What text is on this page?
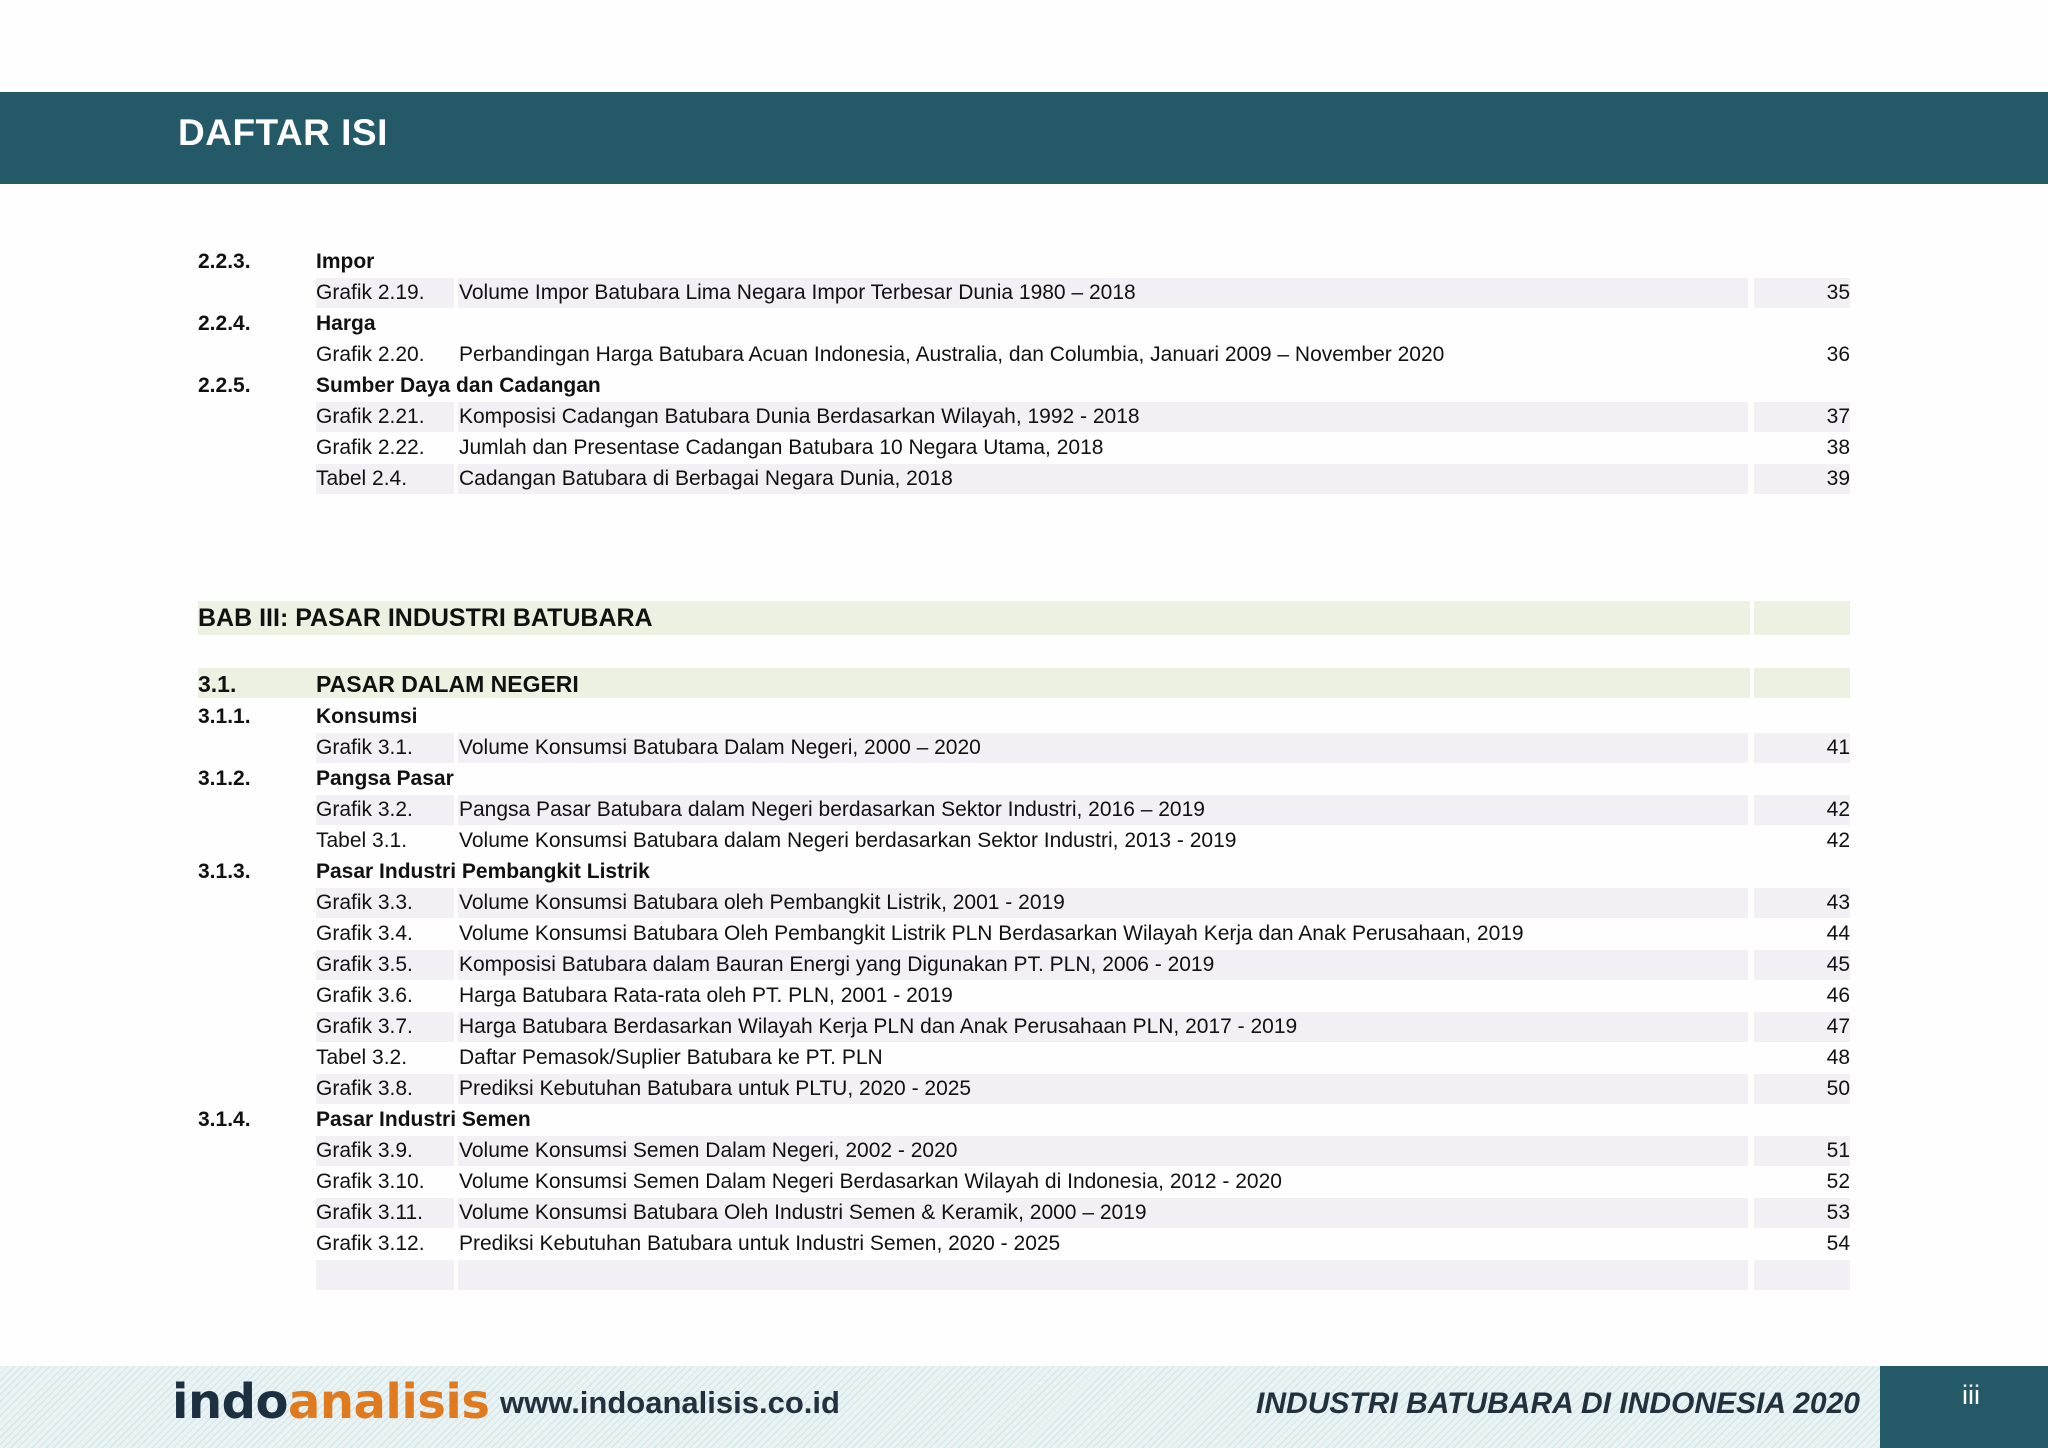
DAFTAR ISI
2.2.3.	Impor
Grafik 2.19. Volume Impor Batubara Lima Negara Impor Terbesar Dunia 1980 – 2018	35
2.2.4.	Harga
Grafik 2.20. Perbandingan Harga Batubara Acuan Indonesia, Australia, dan Columbia, Januari 2009 – November 2020	36
2.2.5.	Sumber Daya dan Cadangan
Grafik 2.21. Komposisi Cadangan Batubara Dunia Berdasarkan Wilayah, 1992 - 2018	37
Grafik 2.22. Jumlah dan Presentase Cadangan Batubara 10 Negara Utama, 2018	38
Tabel 2.4. Cadangan Batubara di Berbagai Negara Dunia, 2018	39
BAB III: PASAR INDUSTRI BATUBARA
3.1.	PASAR DALAM NEGERI
3.1.1.	Konsumsi
Grafik 3.1. Volume Konsumsi Batubara Dalam Negeri, 2000 – 2020	41
3.1.2.	Pangsa Pasar
Grafik 3.2. Pangsa Pasar Batubara dalam Negeri berdasarkan Sektor Industri, 2016 – 2019	42
Tabel 3.1. Volume Konsumsi Batubara dalam Negeri berdasarkan Sektor Industri, 2013 - 2019	42
3.1.3.	Pasar Industri Pembangkit Listrik
Grafik 3.3. Volume Konsumsi Batubara oleh Pembangkit Listrik, 2001 - 2019	43
Grafik 3.4. Volume Konsumsi Batubara Oleh Pembangkit Listrik PLN Berdasarkan Wilayah Kerja dan Anak Perusahaan, 2019	44
Grafik 3.5. Komposisi Batubara dalam Bauran Energi yang Digunakan PT. PLN, 2006 - 2019	45
Grafik 3.6. Harga Batubara Rata-rata oleh PT. PLN, 2001 - 2019	46
Grafik 3.7. Harga Batubara Berdasarkan Wilayah Kerja PLN dan Anak Perusahaan PLN, 2017 - 2019	47
Tabel 3.2. Daftar Pemasok/Suplier Batubara ke PT. PLN	48
Grafik 3.8. Prediksi Kebutuhan Batubara untuk PLTU, 2020 - 2025	50
3.1.4.	Pasar Industri Semen
Grafik 3.9. Volume Konsumsi Semen Dalam Negeri, 2002 - 2020	51
Grafik 3.10. Volume Konsumsi Semen Dalam Negeri Berdasarkan Wilayah di Indonesia, 2012 - 2020	52
Grafik 3.11. Volume Konsumsi Batubara Oleh Industri Semen & Keramik, 2000 – 2019	53
Grafik 3.12. Prediksi Kebutuhan Batubara untuk Industri Semen, 2020 - 2025	54
indoanalisis www.indoanalisis.co.id	INDUSTRI BATUBARA DI INDONESIA 2020	iii
